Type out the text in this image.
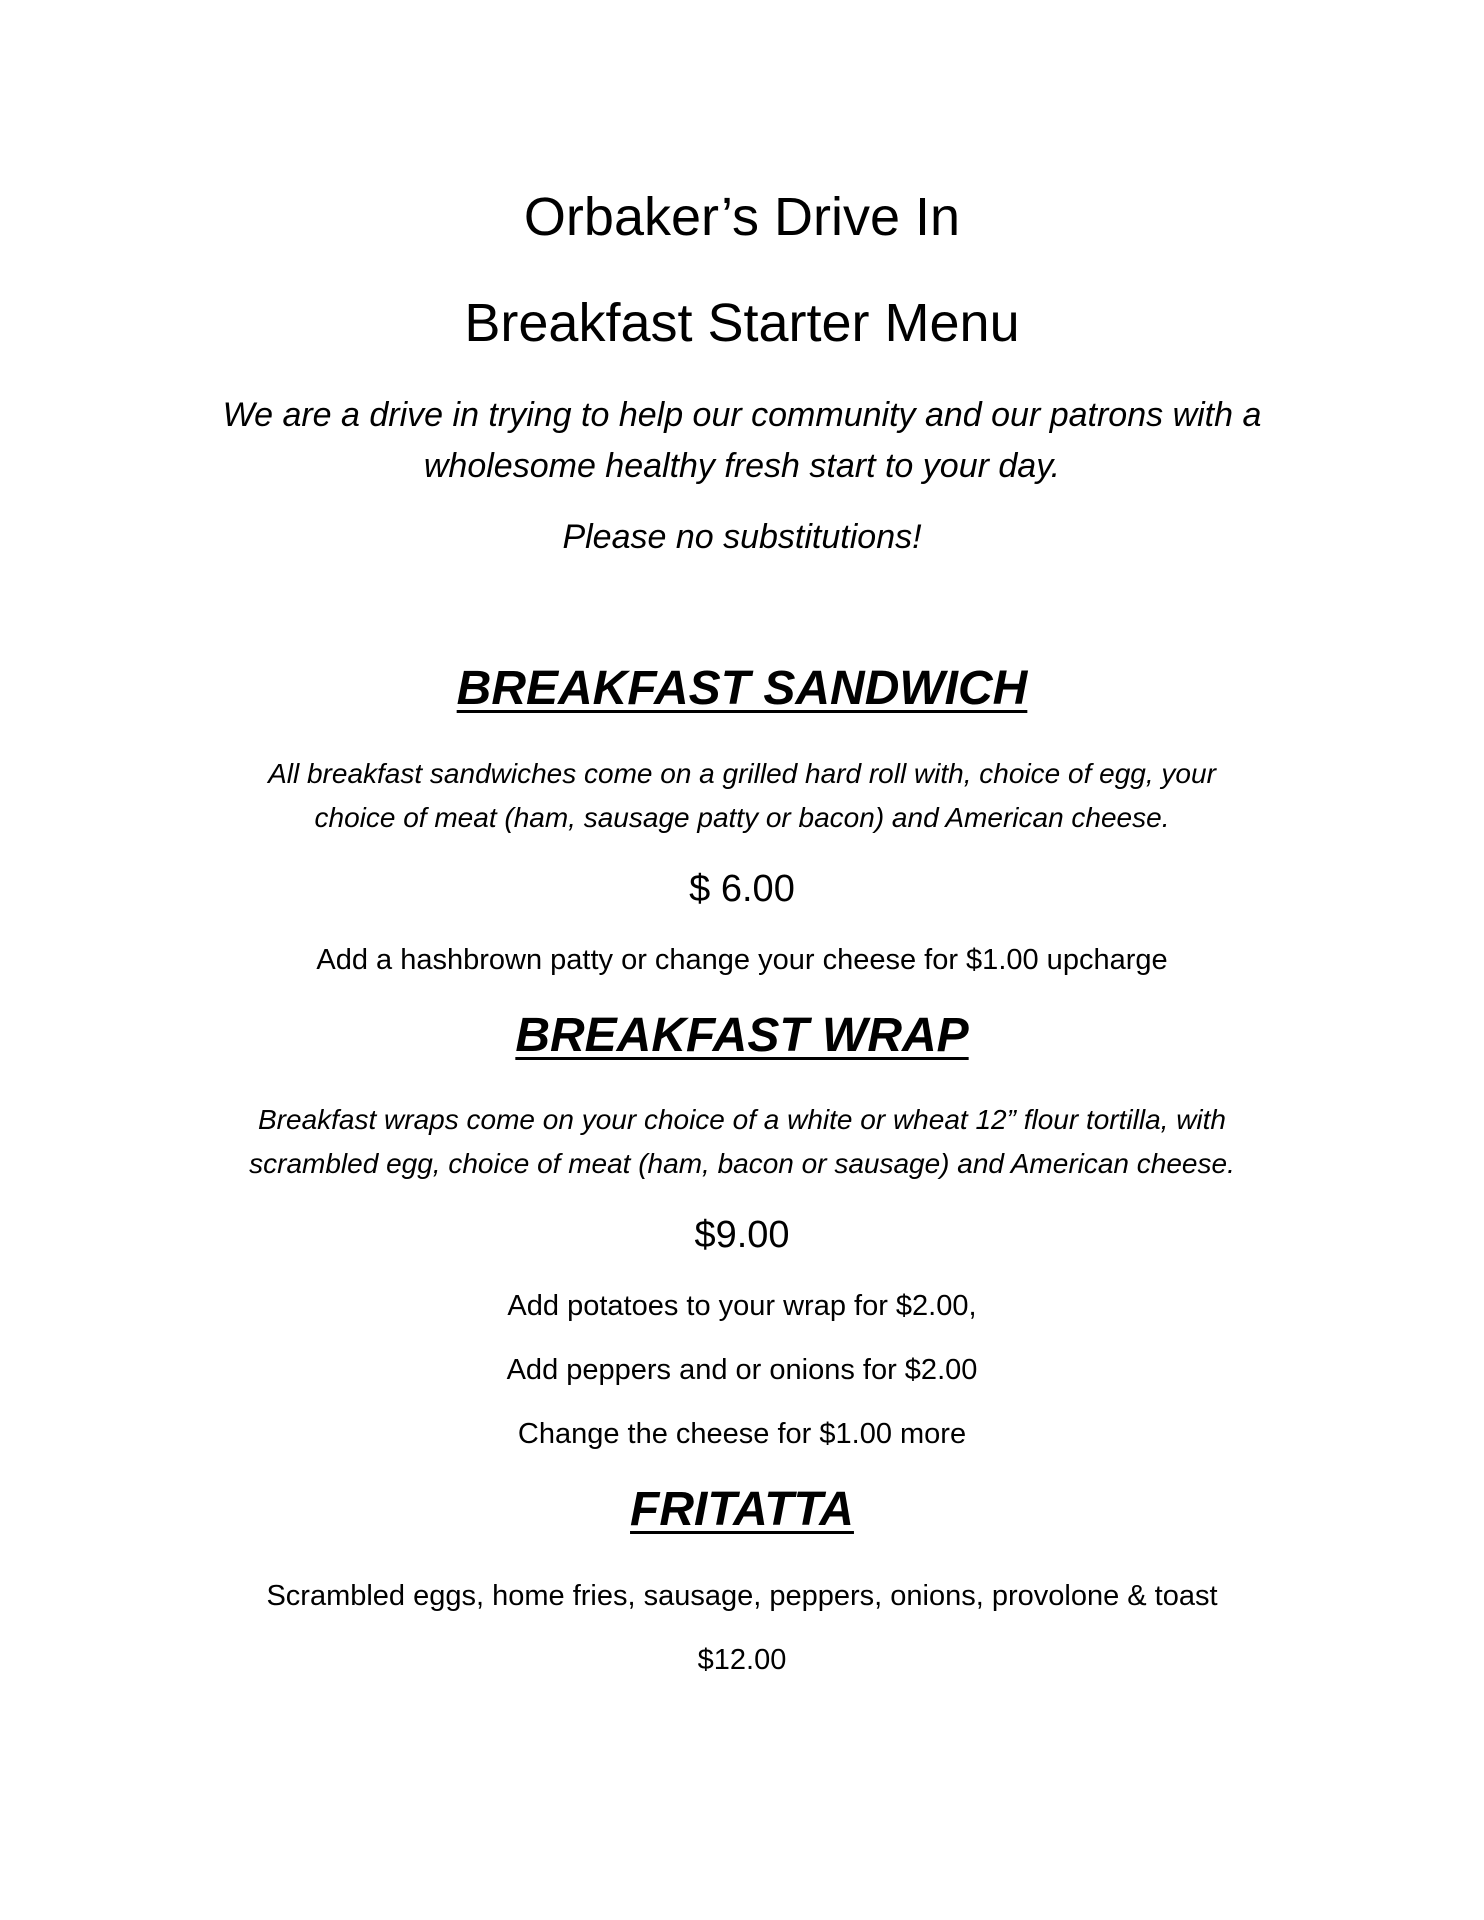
Orbaker’s Drive In

Breakfast Starter Menu

We are a drive in trying to help our community and our patrons with a

wholesome healthy fresh start to your day.

Please no substitutions!

BREAKFAST SANDWICH

All breakfast sandwiches come on a grilled hard roll with, choice of egg, your

choice of meat (ham, sausage patty or bacon) and American cheese.

$ 6.00

Add a hashbrown patty or change your cheese for $1.00 upcharge

BREAKFAST WRAP

Breakfast wraps come on your choice of a white or wheat 12” flour tortilla, with

scrambled egg, choice of meat (ham, bacon or sausage) and American cheese.

$9.00

Add potatoes to your wrap for $2.00,

Add peppers and or onions for $2.00

Change the cheese for $1.00 more

FRITATTA

Scrambled eggs, home fries, sausage, peppers, onions, provolone & toast

$12.00
